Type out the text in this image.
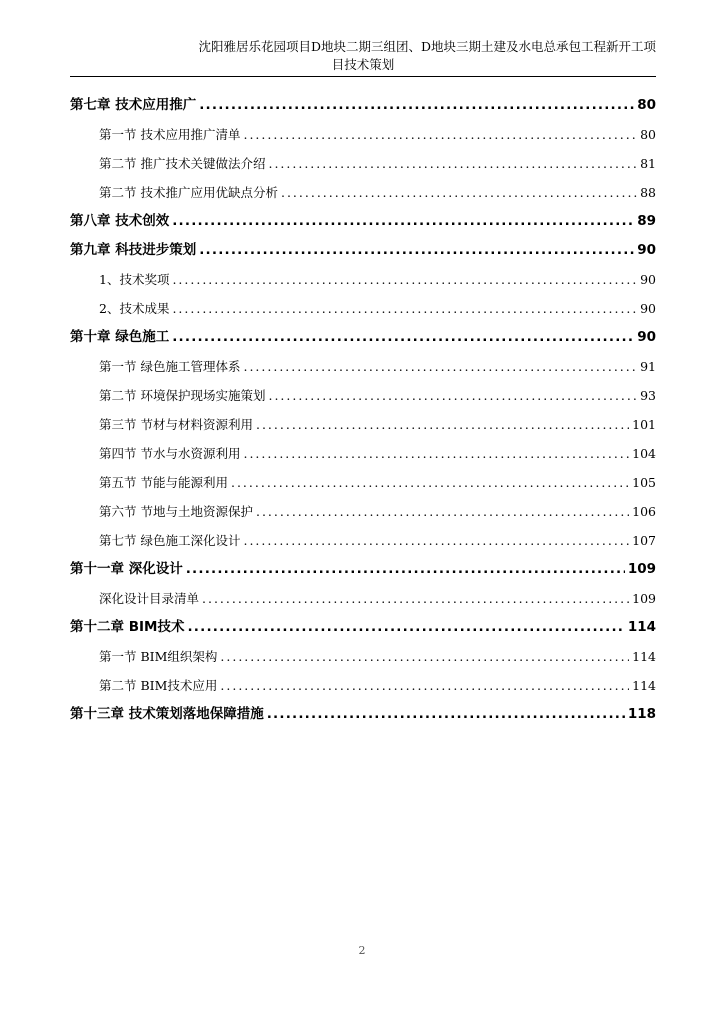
沈阳雅居乐花园项目D地块二期三组团、D地块三期土建及水电总承包工程新开工项
目技术策划
第七章 技术应用推广 .....	80
第一节 技术应用推广清单 .....	80
第二节 推广技术关键做法介绍 .....	81
第二节 技术推广应用优缺点分析 .....	88
第八章 技术创效 .....	89
第九章 科技进步策划 .....	90
1、技术奖项 .....	90
2、技术成果 .....	90
第十章 绿色施工 .....	90
第一节 绿色施工管理体系 .....	91
第二节 环境保护现场实施策划 .....	93
第三节 节材与材料资源利用 .....	101
第四节 节水与水资源利用 .....	104
第五节 节能与能源利用 .....	105
第六节 节地与土地资源保护 .....	106
第七节 绿色施工深化设计 .....	107
第十一章 深化设计 .....	109
深化设计目录清单 .....	109
第十二章 BIM技术 .....	114
第一节 BIM组织架构 .....	114
第二节 BIM技术应用 .....	114
第十三章 技术策划落地保障措施 .....	118
2
